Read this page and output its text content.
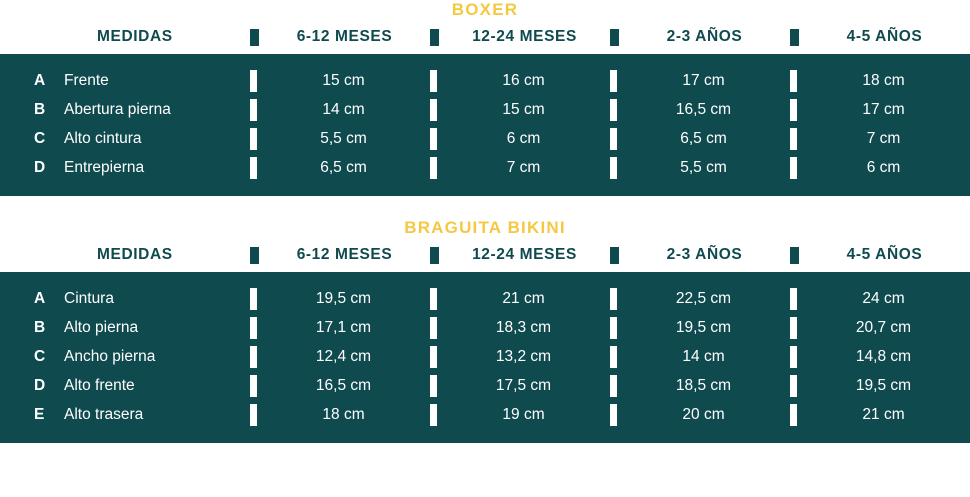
BOXER
MEDIDAS	6-12 MESES	12-24 MESES	2-3 AÑOS	4-5 AÑOS
A	Frente	15 cm	16 cm	17 cm	18 cm
B	Abertura pierna	14 cm	15 cm	16,5 cm	17 cm
C	Alto cintura	5,5 cm	6 cm	6,5 cm	7 cm
D	Entrepierna	6,5 cm	7 cm	5,5 cm	6 cm
BRAGUITA BIKINI
MEDIDAS	6-12 MESES	12-24 MESES	2-3 AÑOS	4-5 AÑOS
A	Cintura	19,5 cm	21 cm	22,5 cm	24 cm
B	Alto pierna	17,1 cm	18,3 cm	19,5 cm	20,7 cm
C	Ancho pierna	12,4 cm	13,2 cm	14 cm	14,8 cm
D	Alto frente	16,5 cm	17,5 cm	18,5 cm	19,5 cm
E	Alto trasera	18 cm	19 cm	20 cm	21 cm
